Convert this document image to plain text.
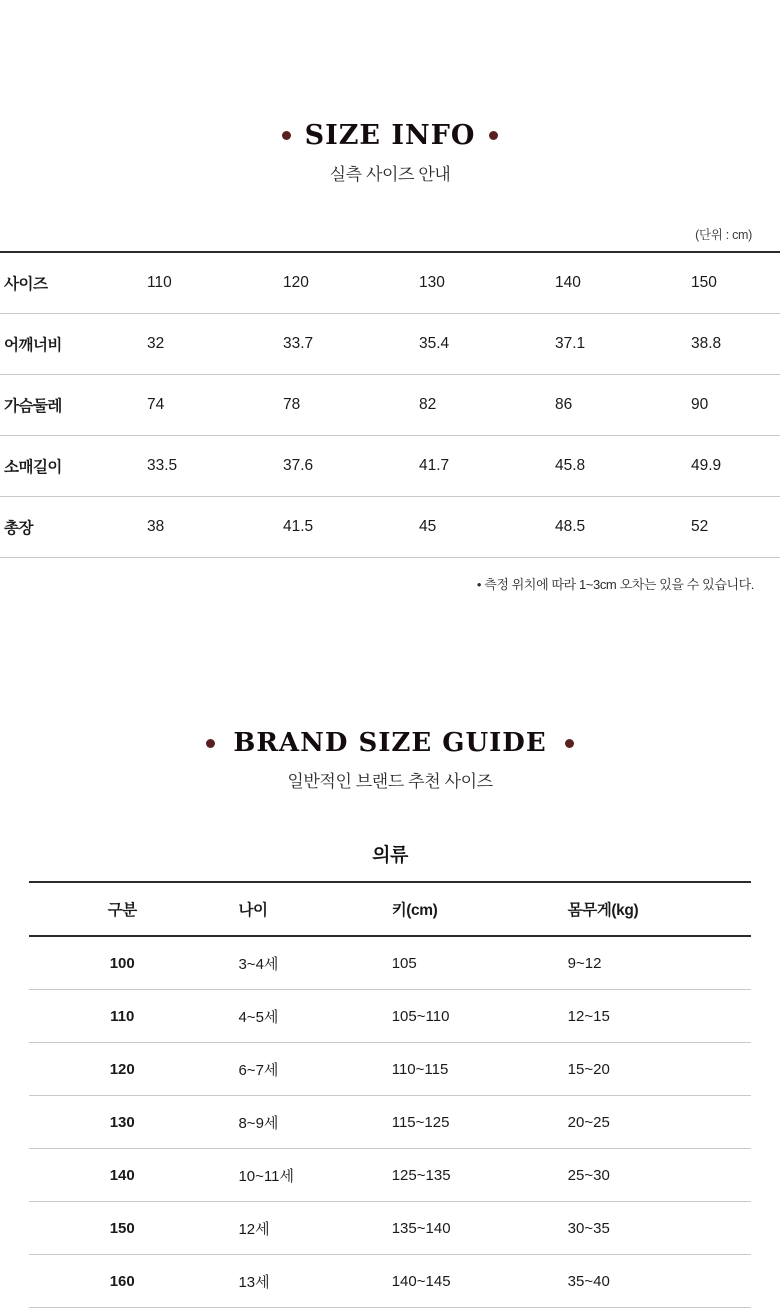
SIZE INFO
실측 사이즈 안내
(단위 : cm)
사이즈	110	120	130	140	150
어깨너비	32	33.7	35.4	37.1	38.8
가슴둘레	74	78	82	86	90
소매길이	33.5	37.6	41.7	45.8	49.9
총장	38	41.5	45	48.5	52
• 측정 위치에 따라 1~3cm 오차는 있을 수 있습니다.
BRAND SIZE GUIDE
일반적인 브랜드 추천 사이즈
의류
구분	나이	키(cm)	몸무게(kg)
100	3~4세	105	9~12
110	4~5세	105~110	12~15
120	6~7세	110~115	15~20
130	8~9세	115~125	20~25
140	10~11세	125~135	25~30
150	12세	135~140	30~35
160	13세	140~145	35~40
